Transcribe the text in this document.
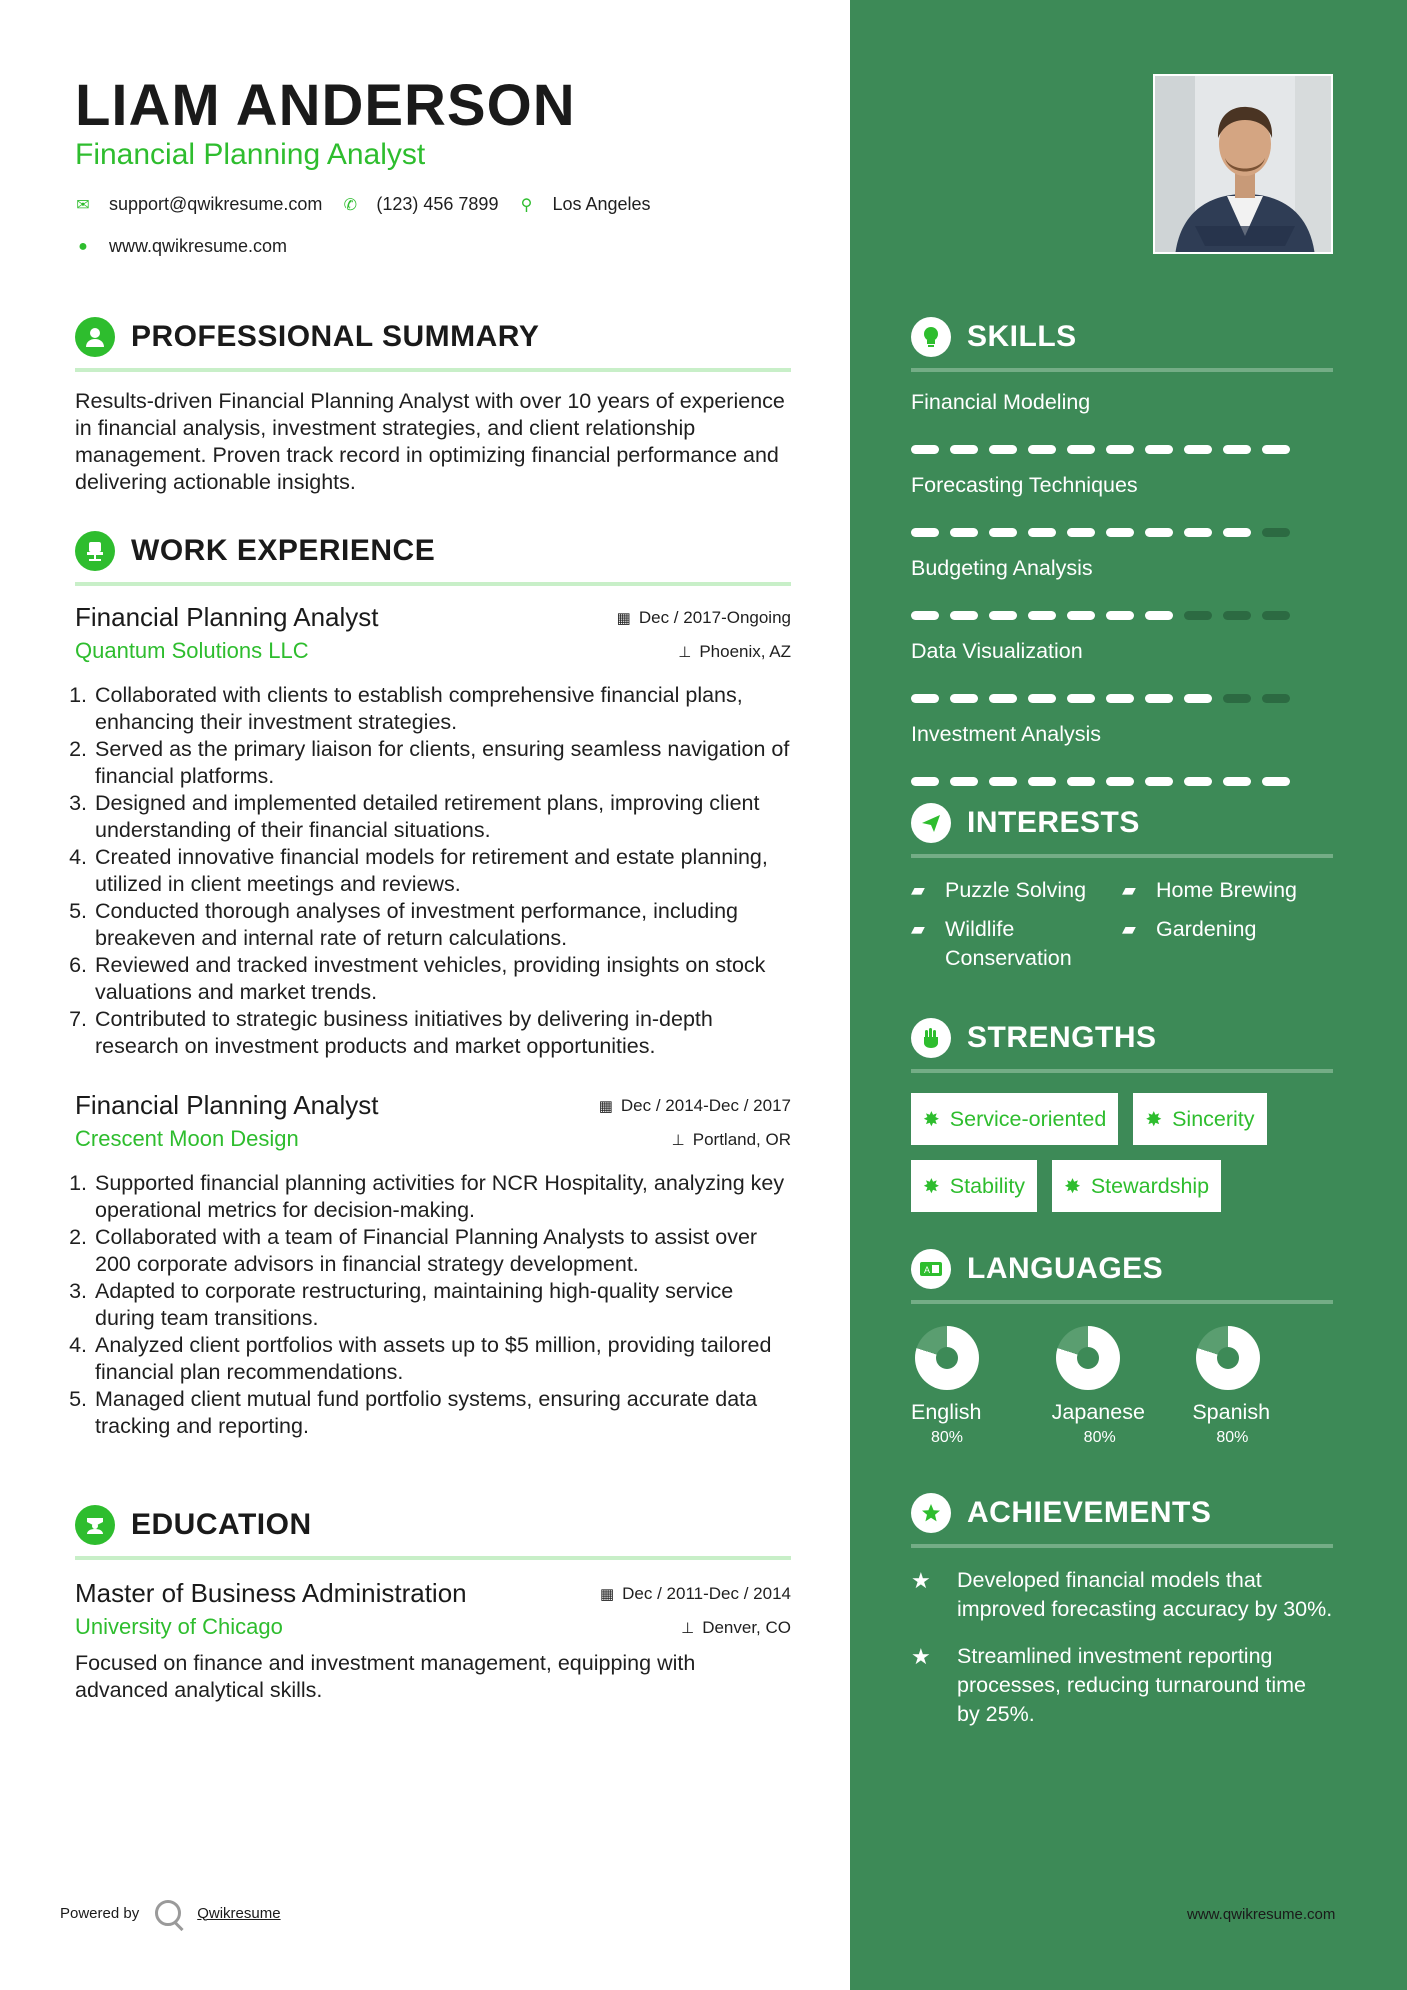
LIAM ANDERSON
Financial Planning Analyst
✉ support@qwikresume.com ✆ (123) 456 7899 ⚲ Los Angeles
● www.qwikresume.com
PROFESSIONAL SUMMARY
Results-driven Financial Planning Analyst with over 10 years of experience in financial analysis, investment strategies, and client relationship management. Proven track record in optimizing financial performance and delivering actionable insights.
WORK EXPERIENCE
Financial Planning Analyst	▦ Dec / 2017-Ongoing
Quantum Solutions LLC	⊥ Phoenix, AZ
1. Collaborated with clients to establish comprehensive financial plans, enhancing their investment strategies.
2. Served as the primary liaison for clients, ensuring seamless navigation of financial platforms.
3. Designed and implemented detailed retirement plans, improving client understanding of their financial situations.
4. Created innovative financial models for retirement and estate planning, utilized in client meetings and reviews.
5. Conducted thorough analyses of investment performance, including breakeven and internal rate of return calculations.
6. Reviewed and tracked investment vehicles, providing insights on stock valuations and market trends.
7. Contributed to strategic business initiatives by delivering in-depth research on investment products and market opportunities.
Financial Planning Analyst	▦ Dec / 2014-Dec / 2017
Crescent Moon Design	⊥ Portland, OR
1. Supported financial planning activities for NCR Hospitality, analyzing key operational metrics for decision-making.
2. Collaborated with a team of Financial Planning Analysts to assist over 200 corporate advisors in financial strategy development.
3. Adapted to corporate restructuring, maintaining high-quality service during team transitions.
4. Analyzed client portfolios with assets up to $5 million, providing tailored financial plan recommendations.
5. Managed client mutual fund portfolio systems, ensuring accurate data tracking and reporting.
EDUCATION
Master of Business Administration	▦ Dec / 2011-Dec / 2014
University of Chicago	⊥ Denver, CO
Focused on finance and investment management, equipping with advanced analytical skills.
Powered by	Qwikresume
SKILLS
Financial Modeling
Forecasting Techniques
Budgeting Analysis
Data Visualization
Investment Analysis
INTERESTS
▰ Puzzle Solving ▰ Home Brewing
▰ Wildlife Conservation
▰ Gardening
STRENGTHS
✸ Service-oriented ✸ Sincerity
✸ Stability ✸ Stewardship
A LANGUAGES
English
80%
Japanese
80%
Spanish
80%
ACHIEVEMENTS
★	Developed financial models that improved forecasting accuracy by 30%.
★	Streamlined investment reporting processes, reducing turnaround time by 25%.
www.qwikresume.com
